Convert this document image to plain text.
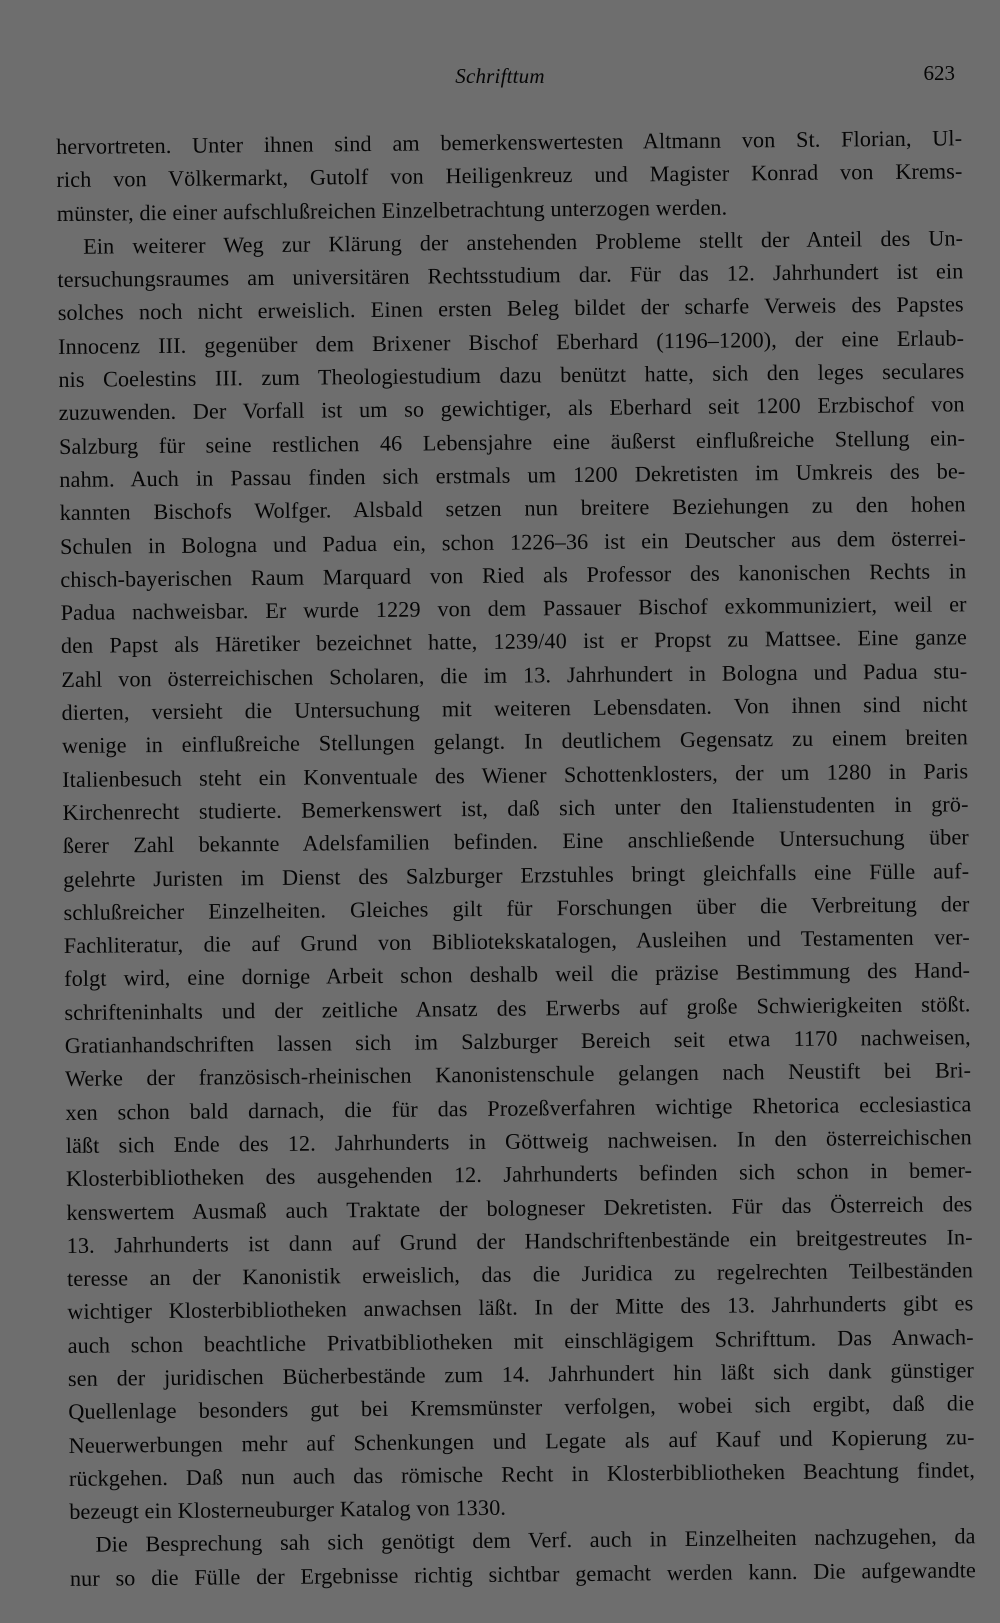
Schrifttum	623
hervortreten. Unter ihnen sind am bemerkenswertesten Altmann von St. Florian, Ul-
rich von Völkermarkt, Gutolf von Heiligenkreuz und Magister Konrad von Krems-
münster, die einer aufschlußreichen Einzelbetrachtung unterzogen werden.
Ein weiterer Weg zur Klärung der anstehenden Probleme stellt der Anteil des Un-
tersuchungsraumes am universitären Rechtsstudium dar. Für das 12. Jahrhundert ist ein
solches noch nicht erweislich. Einen ersten Beleg bildet der scharfe Verweis des Papstes
Innocenz III. gegenüber dem Brixener Bischof Eberhard (1196–1200), der eine Erlaub-
nis Coelestins III. zum Theologiestudium dazu benützt hatte, sich den leges seculares
zuzuwenden. Der Vorfall ist um so gewichtiger, als Eberhard seit 1200 Erzbischof von
Salzburg für seine restlichen 46 Lebensjahre eine äußerst einflußreiche Stellung ein-
nahm. Auch in Passau finden sich erstmals um 1200 Dekretisten im Umkreis des be-
kannten Bischofs Wolfger. Alsbald setzen nun breitere Beziehungen zu den hohen
Schulen in Bologna und Padua ein, schon 1226–36 ist ein Deutscher aus dem österrei-
chisch-bayerischen Raum Marquard von Ried als Professor des kanonischen Rechts in
Padua nachweisbar. Er wurde 1229 von dem Passauer Bischof exkommuniziert, weil er
den Papst als Häretiker bezeichnet hatte, 1239/40 ist er Propst zu Mattsee. Eine ganze
Zahl von österreichischen Scholaren, die im 13. Jahrhundert in Bologna und Padua stu-
dierten, versieht die Untersuchung mit weiteren Lebensdaten. Von ihnen sind nicht
wenige in einflußreiche Stellungen gelangt. In deutlichem Gegensatz zu einem breiten
Italienbesuch steht ein Konventuale des Wiener Schottenklosters, der um 1280 in Paris
Kirchenrecht studierte. Bemerkenswert ist, daß sich unter den Italienstudenten in grö-
ßerer Zahl bekannte Adelsfamilien befinden. Eine anschließende Untersuchung über
gelehrte Juristen im Dienst des Salzburger Erzstuhles bringt gleichfalls eine Fülle auf-
schlußreicher Einzelheiten. Gleiches gilt für Forschungen über die Verbreitung der
Fachliteratur, die auf Grund von Bibliotekskatalogen, Ausleihen und Testamenten ver-
folgt wird, eine dornige Arbeit schon deshalb weil die präzise Bestimmung des Hand-
schrifteninhalts und der zeitliche Ansatz des Erwerbs auf große Schwierigkeiten stößt.
Gratianhandschriften lassen sich im Salzburger Bereich seit etwa 1170 nachweisen,
Werke der französisch-rheinischen Kanonistenschule gelangen nach Neustift bei Bri-
xen schon bald darnach, die für das Prozeßverfahren wichtige Rhetorica ecclesiastica
läßt sich Ende des 12. Jahrhunderts in Göttweig nachweisen. In den österreichischen
Klosterbibliotheken des ausgehenden 12. Jahrhunderts befinden sich schon in bemer-
kenswertem Ausmaß auch Traktate der bologneser Dekretisten. Für das Österreich des
13. Jahrhunderts ist dann auf Grund der Handschriftenbestände ein breitgestreutes In-
teresse an der Kanonistik erweislich, das die Juridica zu regelrechten Teilbeständen
wichtiger Klosterbibliotheken anwachsen läßt. In der Mitte des 13. Jahrhunderts gibt es
auch schon beachtliche Privatbibliotheken mit einschlägigem Schrifttum. Das Anwach-
sen der juridischen Bücherbestände zum 14. Jahrhundert hin läßt sich dank günstiger
Quellenlage besonders gut bei Kremsmünster verfolgen, wobei sich ergibt, daß die
Neuerwerbungen mehr auf Schenkungen und Legate als auf Kauf und Kopierung zu-
rückgehen. Daß nun auch das römische Recht in Klosterbibliotheken Beachtung findet,
bezeugt ein Klosterneuburger Katalog von 1330.
Die Besprechung sah sich genötigt dem Verf. auch in Einzelheiten nachzugehen, da
nur so die Fülle der Ergebnisse richtig sichtbar gemacht werden kann. Die aufgewandte
